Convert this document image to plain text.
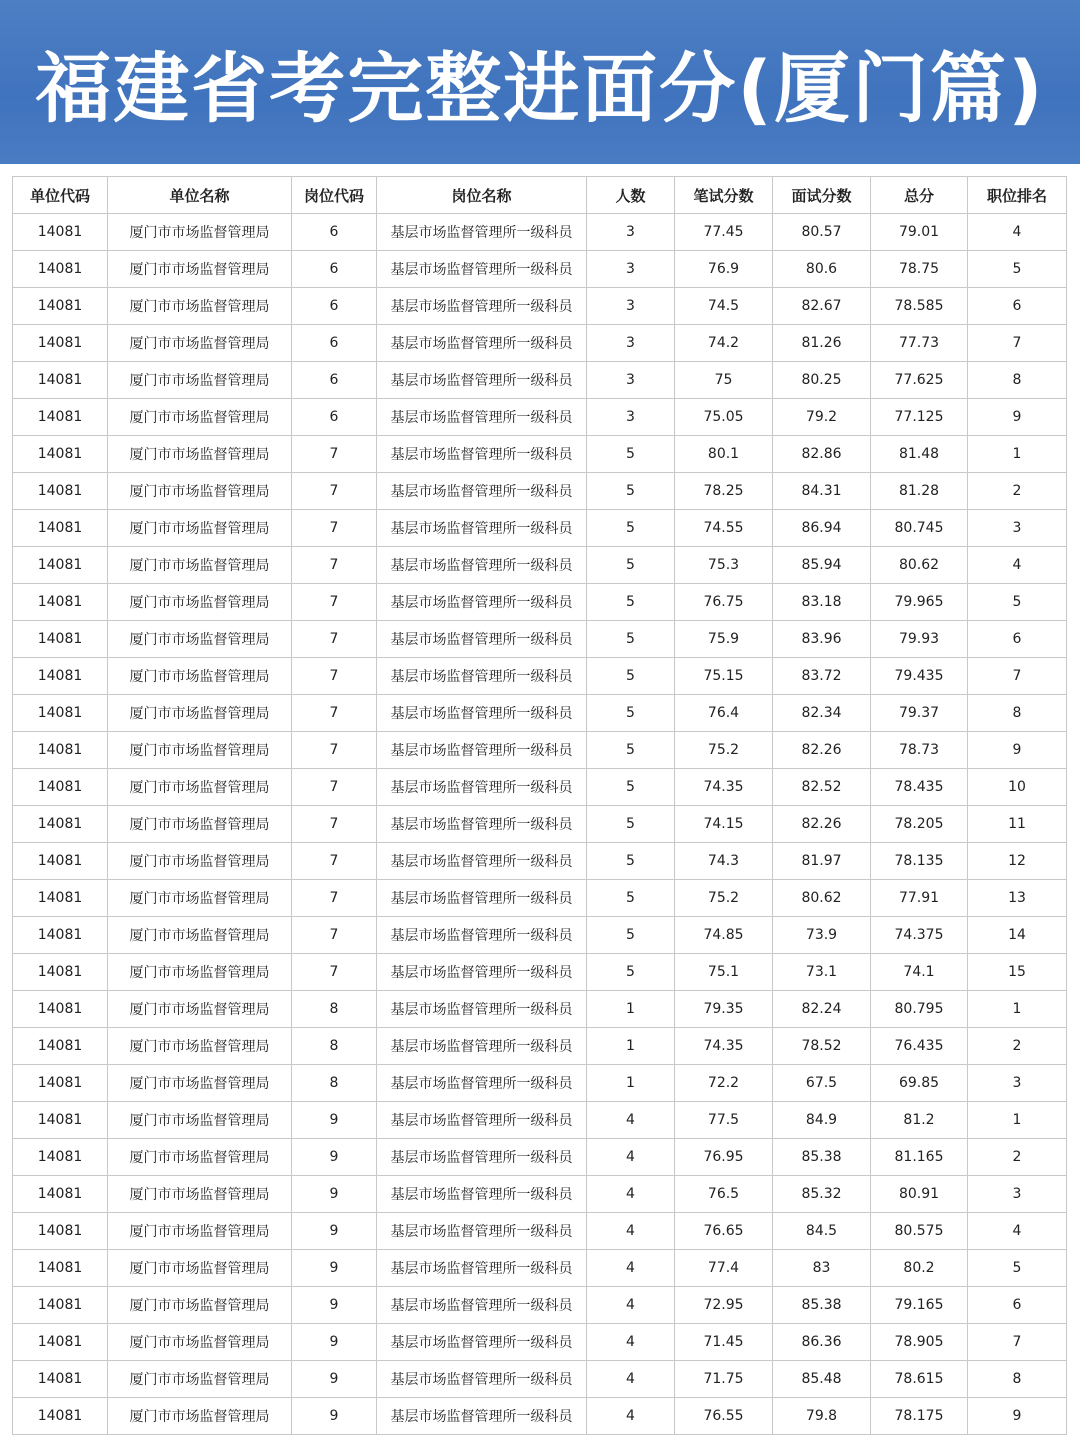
福建省考完整进面分(厦门篇)
单位代码	单位名称	岗位代码	岗位名称	人数	笔试分数	面试分数	总分	职位排名
14081	厦门市市场监督管理局	6	基层市场监督管理所一级科员	3	77.45	80.57	79.01	4
14081	厦门市市场监督管理局	6	基层市场监督管理所一级科员	3	76.9	80.6	78.75	5
14081	厦门市市场监督管理局	6	基层市场监督管理所一级科员	3	74.5	82.67	78.585	6
14081	厦门市市场监督管理局	6	基层市场监督管理所一级科员	3	74.2	81.26	77.73	7
14081	厦门市市场监督管理局	6	基层市场监督管理所一级科员	3	75	80.25	77.625	8
14081	厦门市市场监督管理局	6	基层市场监督管理所一级科员	3	75.05	79.2	77.125	9
14081	厦门市市场监督管理局	7	基层市场监督管理所一级科员	5	80.1	82.86	81.48	1
14081	厦门市市场监督管理局	7	基层市场监督管理所一级科员	5	78.25	84.31	81.28	2
14081	厦门市市场监督管理局	7	基层市场监督管理所一级科员	5	74.55	86.94	80.745	3
14081	厦门市市场监督管理局	7	基层市场监督管理所一级科员	5	75.3	85.94	80.62	4
14081	厦门市市场监督管理局	7	基层市场监督管理所一级科员	5	76.75	83.18	79.965	5
14081	厦门市市场监督管理局	7	基层市场监督管理所一级科员	5	75.9	83.96	79.93	6
14081	厦门市市场监督管理局	7	基层市场监督管理所一级科员	5	75.15	83.72	79.435	7
14081	厦门市市场监督管理局	7	基层市场监督管理所一级科员	5	76.4	82.34	79.37	8
14081	厦门市市场监督管理局	7	基层市场监督管理所一级科员	5	75.2	82.26	78.73	9
14081	厦门市市场监督管理局	7	基层市场监督管理所一级科员	5	74.35	82.52	78.435	10
14081	厦门市市场监督管理局	7	基层市场监督管理所一级科员	5	74.15	82.26	78.205	11
14081	厦门市市场监督管理局	7	基层市场监督管理所一级科员	5	74.3	81.97	78.135	12
14081	厦门市市场监督管理局	7	基层市场监督管理所一级科员	5	75.2	80.62	77.91	13
14081	厦门市市场监督管理局	7	基层市场监督管理所一级科员	5	74.85	73.9	74.375	14
14081	厦门市市场监督管理局	7	基层市场监督管理所一级科员	5	75.1	73.1	74.1	15
14081	厦门市市场监督管理局	8	基层市场监督管理所一级科员	1	79.35	82.24	80.795	1
14081	厦门市市场监督管理局	8	基层市场监督管理所一级科员	1	74.35	78.52	76.435	2
14081	厦门市市场监督管理局	8	基层市场监督管理所一级科员	1	72.2	67.5	69.85	3
14081	厦门市市场监督管理局	9	基层市场监督管理所一级科员	4	77.5	84.9	81.2	1
14081	厦门市市场监督管理局	9	基层市场监督管理所一级科员	4	76.95	85.38	81.165	2
14081	厦门市市场监督管理局	9	基层市场监督管理所一级科员	4	76.5	85.32	80.91	3
14081	厦门市市场监督管理局	9	基层市场监督管理所一级科员	4	76.65	84.5	80.575	4
14081	厦门市市场监督管理局	9	基层市场监督管理所一级科员	4	77.4	83	80.2	5
14081	厦门市市场监督管理局	9	基层市场监督管理所一级科员	4	72.95	85.38	79.165	6
14081	厦门市市场监督管理局	9	基层市场监督管理所一级科员	4	71.45	86.36	78.905	7
14081	厦门市市场监督管理局	9	基层市场监督管理所一级科员	4	71.75	85.48	78.615	8
14081	厦门市市场监督管理局	9	基层市场监督管理所一级科员	4	76.55	79.8	78.175	9
